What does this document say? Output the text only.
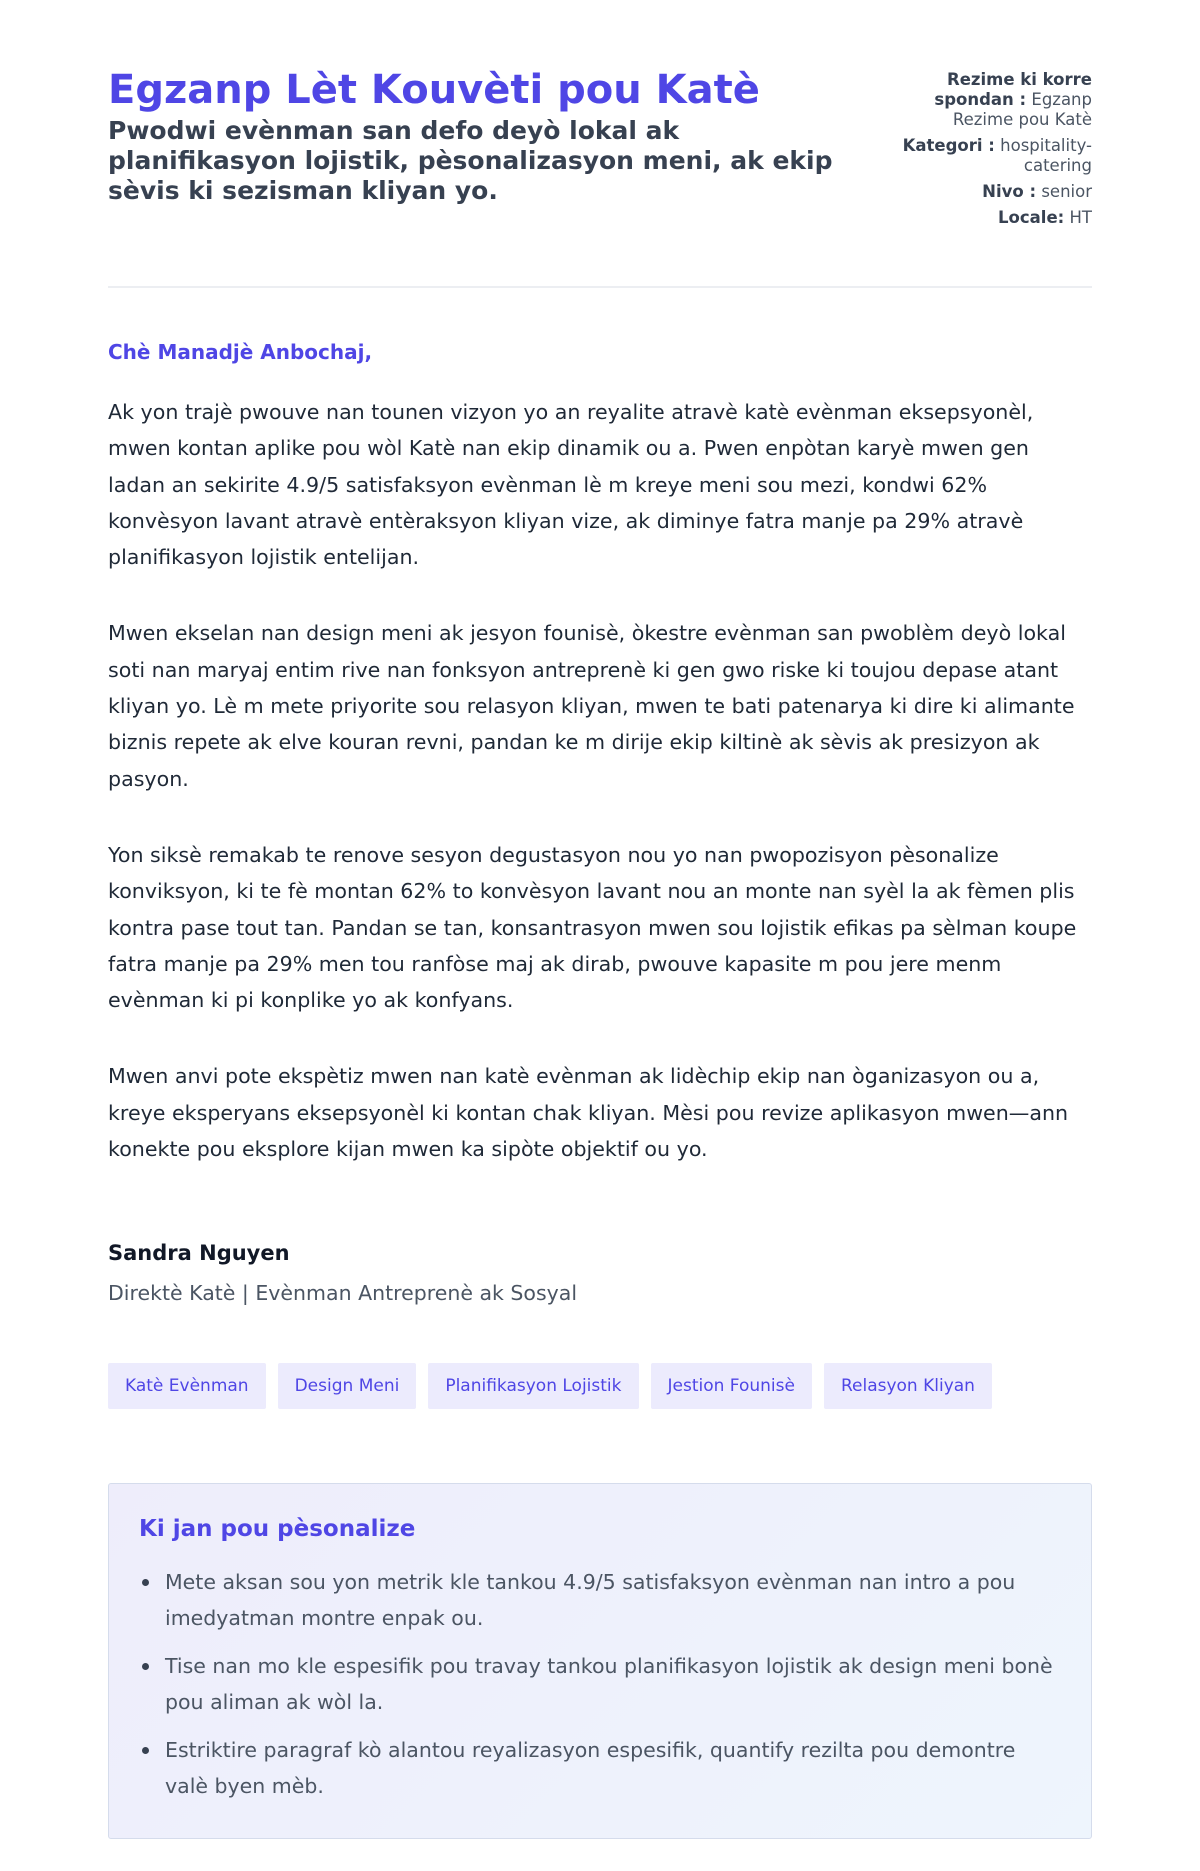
Egzanp Lèt Kouvèti pou Katè
Pwodwi evènman san defo deyò lokal ak planifikasyon lojistik, pèsonalizasyon meni, ak ekip sèvis ki sezisman kliyan yo.
Rezime ki korre spondan : Egzanp Rezime pou Katè
Kategori : hospitality-catering
Nivo : senior
Locale: HT
Chè Manadjè Anbochaj,

Ak yon trajè pwouve nan tounen vizyon yo an reyalite atravè katè evènman eksepsyonèl, mwen kontan aplike pou wòl Katè nan ekip dinamik ou a. Pwen enpòtan karyè mwen gen ladan an sekirite 4.9/5 satisfaksyon evènman lè m kreye meni sou mezi, kondwi 62% konvèsyon lavant atravè entèraksyon kliyan vize, ak diminye fatra manje pa 29% atravè planifikasyon lojistik entelijan.

Mwen ekselan nan design meni ak jesyon founisè, òkestre evènman san pwoblèm deyò lokal soti nan maryaj entim rive nan fonksyon antreprenè ki gen gwo riske ki toujou depase atant kliyan yo. Lè m mete priyorite sou relasyon kliyan, mwen te bati patenarya ki dire ki alimante biznis repete ak elve kouran revni, pandan ke m dirije ekip kiltinè ak sèvis ak presizyon ak pasyon.

Yon siksè remakab te renove sesyon degustasyon nou yo nan pwopozisyon pèsonalize konviksyon, ki te fè montan 62% to konvèsyon lavant nou an monte nan syèl la ak fèmen plis kontra pase tout tan. Pandan se tan, konsantrasyon mwen sou lojistik efikas pa sèlman koupe fatra manje pa 29% men tou ranfòse maj ak dirab, pwouve kapasite m pou jere menm evènman ki pi konplike yo ak konfyans.

Mwen anvi pote ekspètiz mwen nan katè evènman ak lidèchip ekip nan òganizasyon ou a, kreye eksperyans eksepsyonèl ki kontan chak kliyan. Mèsi pou revize aplikasyon mwen—ann konekte pou eksplore kijan mwen ka sipòte objektif ou yo.

Sandra Nguyen
Direktè Katè | Evènman Antreprenè ak Sosyal
Katè Evènman	Design Meni	Planifikasyon Lojistik	Jestion Founisè	Relasyon Kliyan
Ki jan pou pèsonalize
Mete aksan sou yon metrik kle tankou 4.9/5 satisfaksyon evènman nan intro a pou imedyatman montre enpak ou.
Tise nan mo kle espesifik pou travay tankou planifikasyon lojistik ak design meni bonè pou aliman ak wòl la.
Estriktire paragraf kò alantou reyalizasyon espesifik, quantify rezilta pou demontre valè byen mèb.
